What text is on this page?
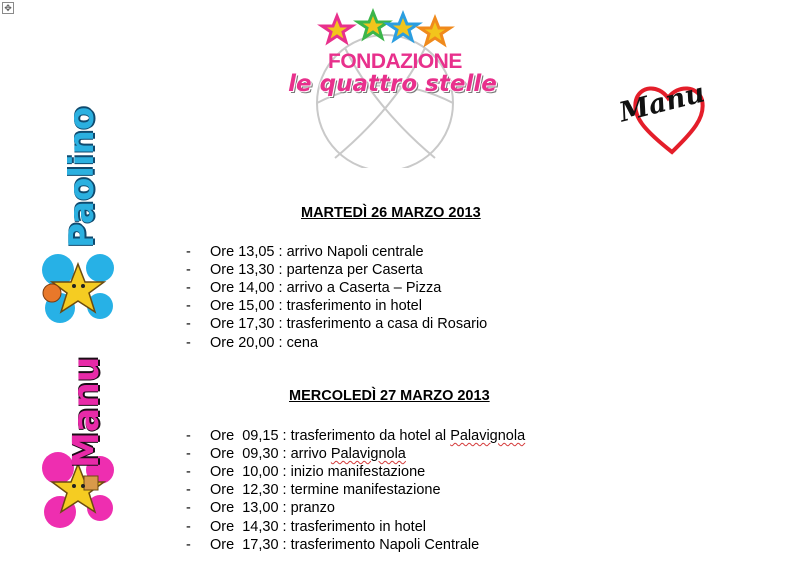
✥
FONDAZIONE
le quattro stelle	Manu
Paolino
Manu
MARTEDÌ 26 MARZO 2013
- Ore 13,05 : arrivo Napoli centrale
- Ore 13,30 : partenza per Caserta
- Ore 14,00 : arrivo a Caserta – Pizza
- Ore 15,00 : trasferimento in hotel
- Ore 17,30 : trasferimento a casa di Rosario
- Ore 20,00 : cena
MERCOLEDÌ 27 MARZO 2013
- Ore  09,15 : trasferimento da hotel al Palavignola
- Ore  09,30 : arrivo Palavignola
- Ore  10,00 : inizio manifestazione
- Ore  12,30 : termine manifestazione
- Ore  13,00 : pranzo
- Ore  14,30 : trasferimento in hotel
- Ore  17,30 : trasferimento Napoli Centrale
